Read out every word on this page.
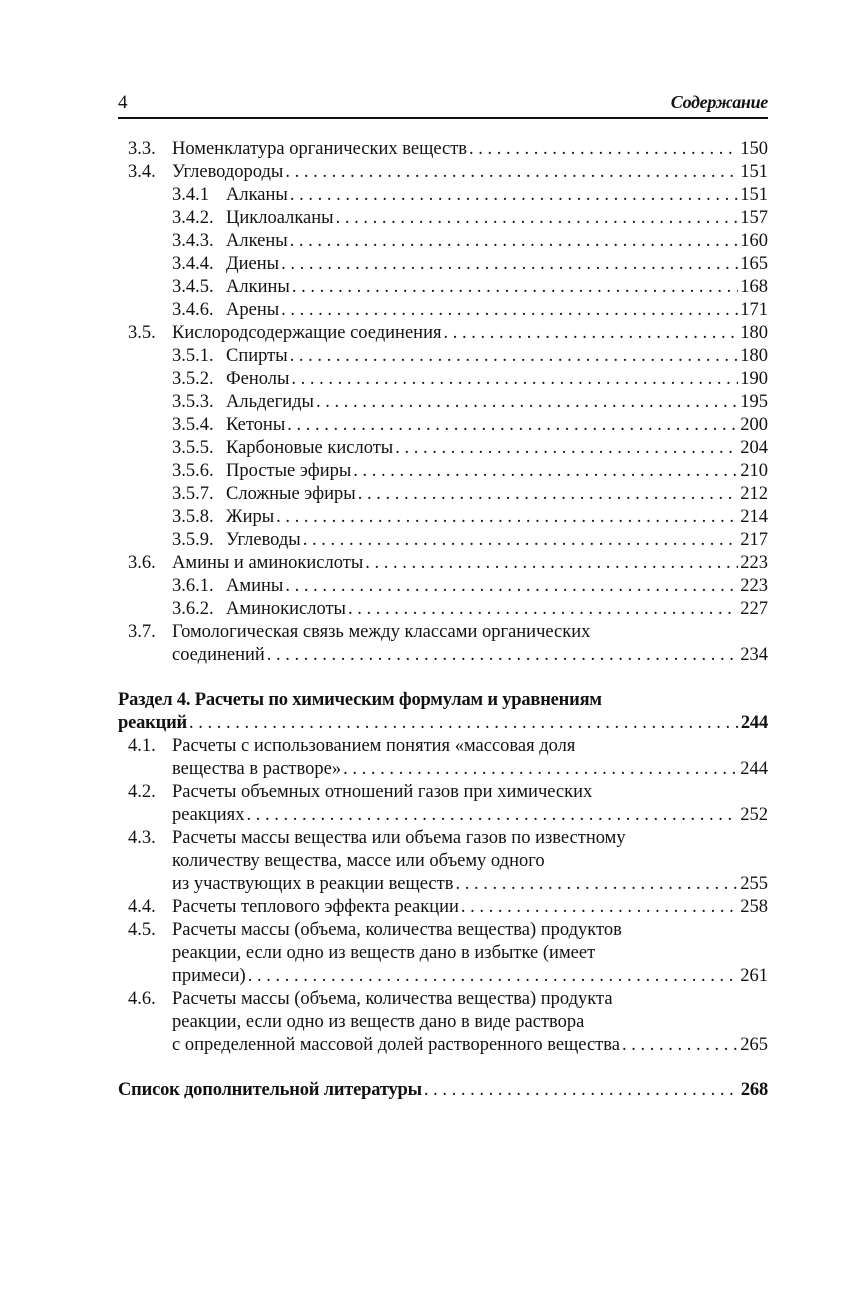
4	Содержание
3.3. Номенклатура органических веществ . . .	150
3.4. Углеводороды . . .	151
3.4.1 Алканы . . .	151
3.4.2. Циклоалканы . . .	157
3.4.3. Алкены . . .	160
3.4.4. Диены . . .	165
3.4.5. Алкины . . .	168
3.4.6. Арены . . .	171
3.5. Кислородсодержащие соединения . . .	180
3.5.1. Спирты . . .	180
3.5.2. Фенолы . . .	190
3.5.3. Альдегиды . . .	195
3.5.4. Кетоны . . .	200
3.5.5. Карбоновые кислоты . . .	204
3.5.6. Простые эфиры . . .	210
3.5.7. Сложные эфиры . . .	212
3.5.8. Жиры . . .	214
3.5.9. Углеводы . . .	217
3.6. Амины и аминокислоты . . .	223
3.6.1. Амины . . .	223
3.6.2. Аминокислоты . . .	227
3.7. Гомологическая связь между классами органических
соединений . . .	234
Раздел 4. Расчеты по химическим формулам и уравнениям
реакций . . .	244
4.1. Расчеты с использованием понятия «массовая доля
вещества в растворе» . . .	244
4.2. Расчеты объемных отношений газов при химических
реакциях . . .	252
4.3. Расчеты массы вещества или объема газов по известному
количеству вещества, массе или объему одного
из участвующих в реакции веществ . . .	255
4.4. Расчеты теплового эффекта реакции . . .	258
4.5. Расчеты массы (объема, количества вещества) продуктов
реакции, если одно из веществ дано в избытке (имеет
примеси) . . .	261
4.6. Расчеты массы (объема, количества вещества) продукта
реакции, если одно из веществ дано в виде раствора
с определенной массовой долей растворенного вещества . . .	265
Список дополнительной литературы . . .	268
